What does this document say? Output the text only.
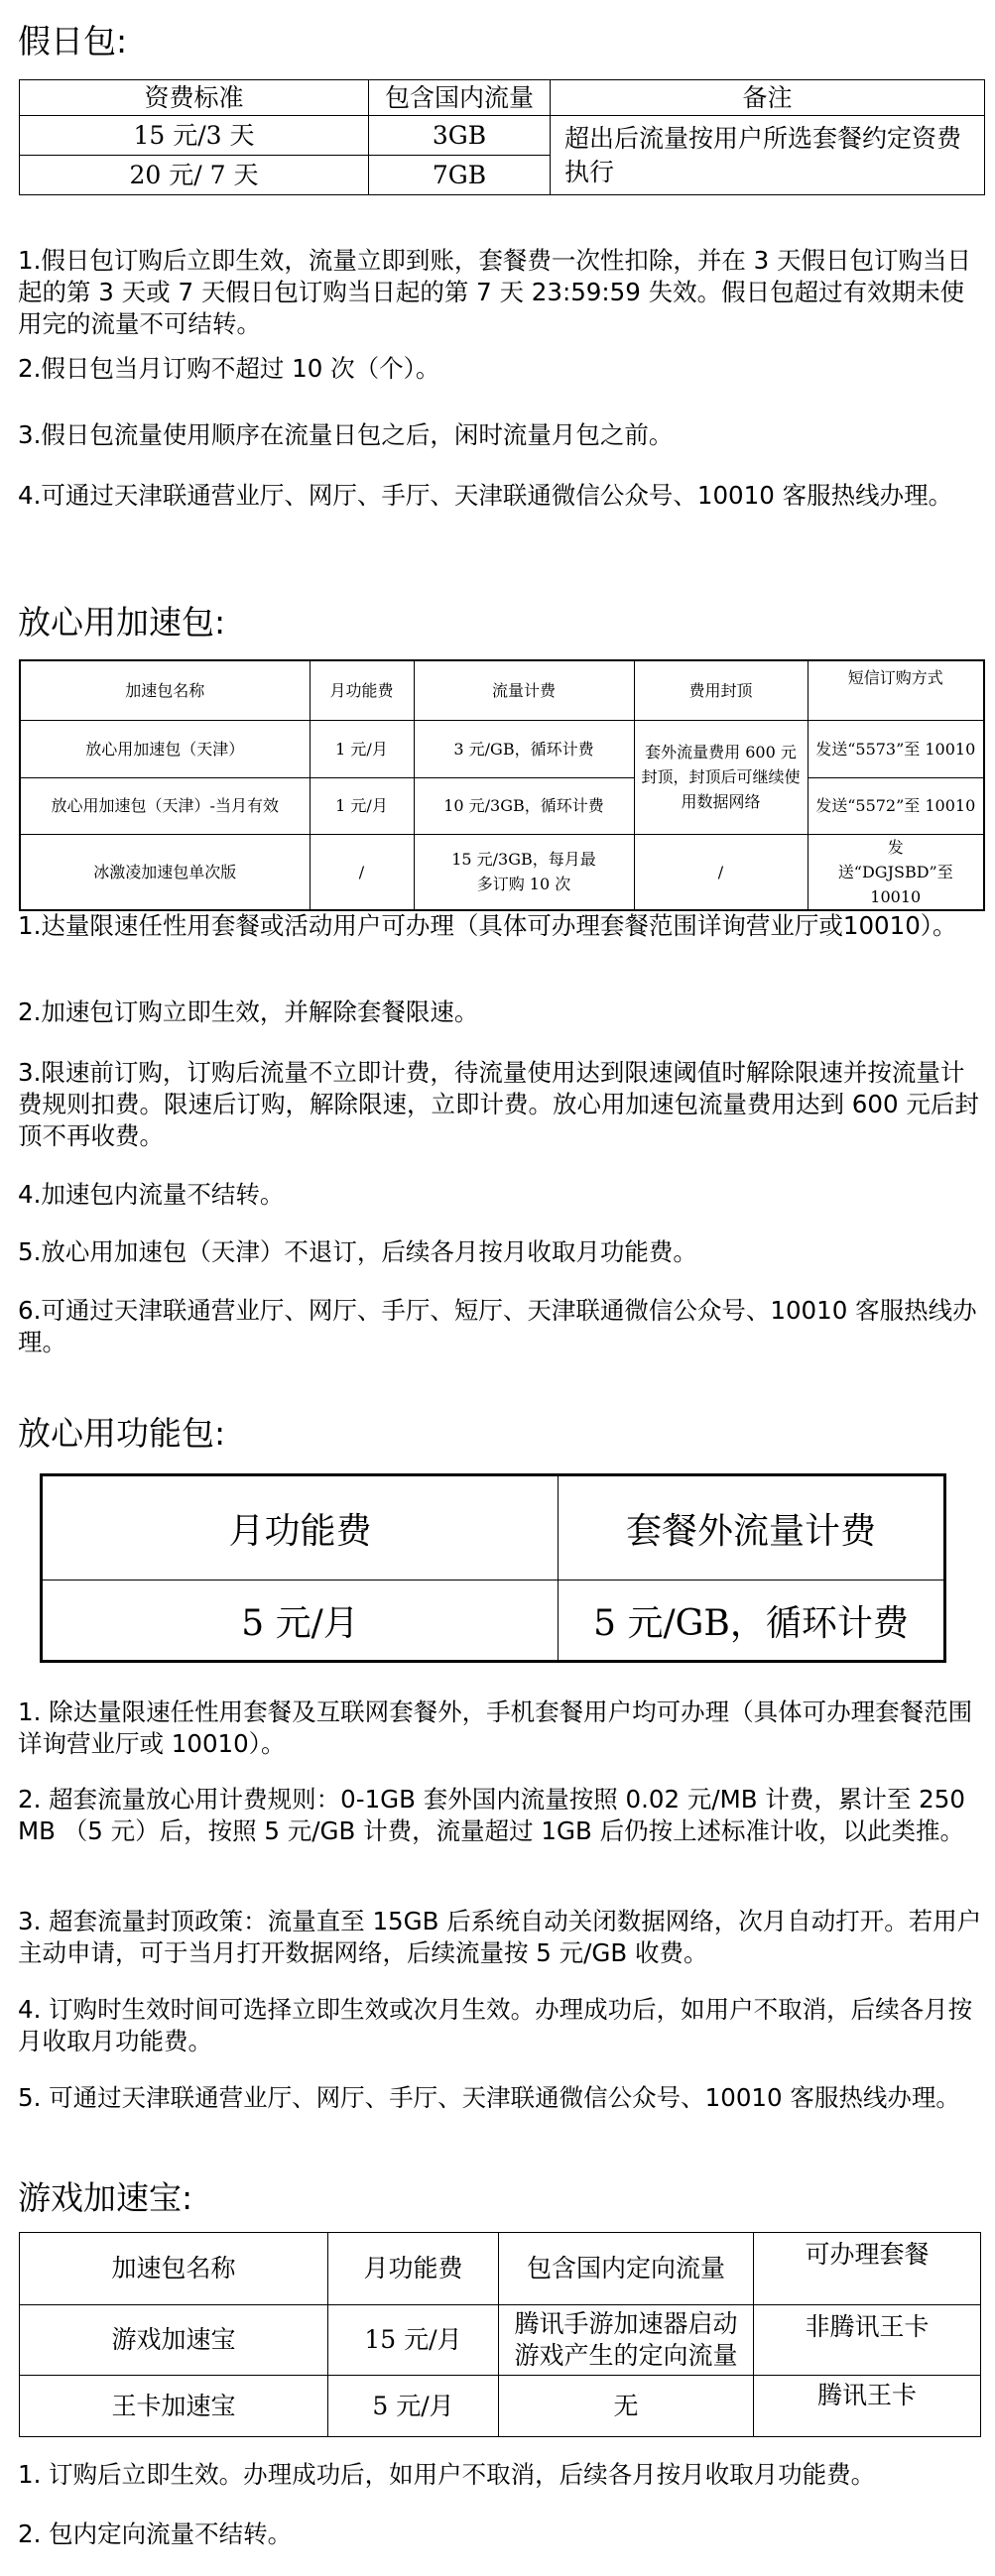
假日包:
资费标准	包含国内流量	备注
15 元/3 天	3GB	超出后流量按用户所选套餐约定资费执行
20 元/ 7 天	7GB	
1.假日包订购后立即生效，流量立即到账，套餐费一次性扣除，并在 3 天假日包订购当日起的第 3 天或 7 天假日包订购当日起的第 7 天 23:59:59 失效。假日包超过有效期未使用完的流量不可结转。
2.假日包当月订购不超过 10 次（个）。
3.假日包流量使用顺序在流量日包之后，闲时流量月包之前。
4.可通过天津联通营业厅、网厅、手厅、天津联通微信公众号、10010 客服热线办理。
放心用加速包:
加速包名称	月功能费	流量计费	费用封顶	短信订购方式
放心用加速包（天津）	1 元/月	3 元/GB，循环计费	套外流量费用 600 元封顶，封顶后可继续使用数据网络	发送“5573”至 10010
放心用加速包（天津）-当月有效	1 元/月	10 元/3GB，循环计费		发送“5572”至 10010
冰激凌加速包单次版	/	15 元/3GB，每月最多订购 10 次	/	发送“DGJSBD”至 10010
1.达量限速任性用套餐或活动用户可办理（具体可办理套餐范围详询营业厅或10010）。
2.加速包订购立即生效，并解除套餐限速。
3.限速前订购，订购后流量不立即计费，待流量使用达到限速阈值时解除限速并按流量计费规则扣费。限速后订购，解除限速，立即计费。放心用加速包流量费用达到 600 元后封顶不再收费。
4.加速包内流量不结转。
5.放心用加速包（天津）不退订，后续各月按月收取月功能费。
6.可通过天津联通营业厅、网厅、手厅、短厅、天津联通微信公众号、10010 客服热线办理。
放心用功能包:
月功能费	套餐外流量计费
5 元/月	5 元/GB，循环计费
1. 除达量限速任性用套餐及互联网套餐外，手机套餐用户均可办理（具体可办理套餐范围详询营业厅或 10010）。
2. 超套流量放心用计费规则：0-1GB 套外国内流量按照 0.02 元/MB 计费，累计至 250MB （5 元）后，按照 5 元/GB 计费，流量超过 1GB 后仍按上述标准计收，以此类推。
3. 超套流量封顶政策：流量直至 15GB 后系统自动关闭数据网络，次月自动打开。若用户主动申请，可于当月打开数据网络，后续流量按 5 元/GB 收费。
4. 订购时生效时间可选择立即生效或次月生效。办理成功后，如用户不取消，后续各月按月收取月功能费。
5. 可通过天津联通营业厅、网厅、手厅、天津联通微信公众号、10010 客服热线办理。
游戏加速宝:
加速包名称	月功能费	包含国内定向流量	可办理套餐
游戏加速宝	15 元/月	腾讯手游加速器启动游戏产生的定向流量	非腾讯王卡
王卡加速宝	5 元/月	无	腾讯王卡
1. 订购后立即生效。办理成功后，如用户不取消，后续各月按月收取月功能费。
2. 包内定向流量不结转。
